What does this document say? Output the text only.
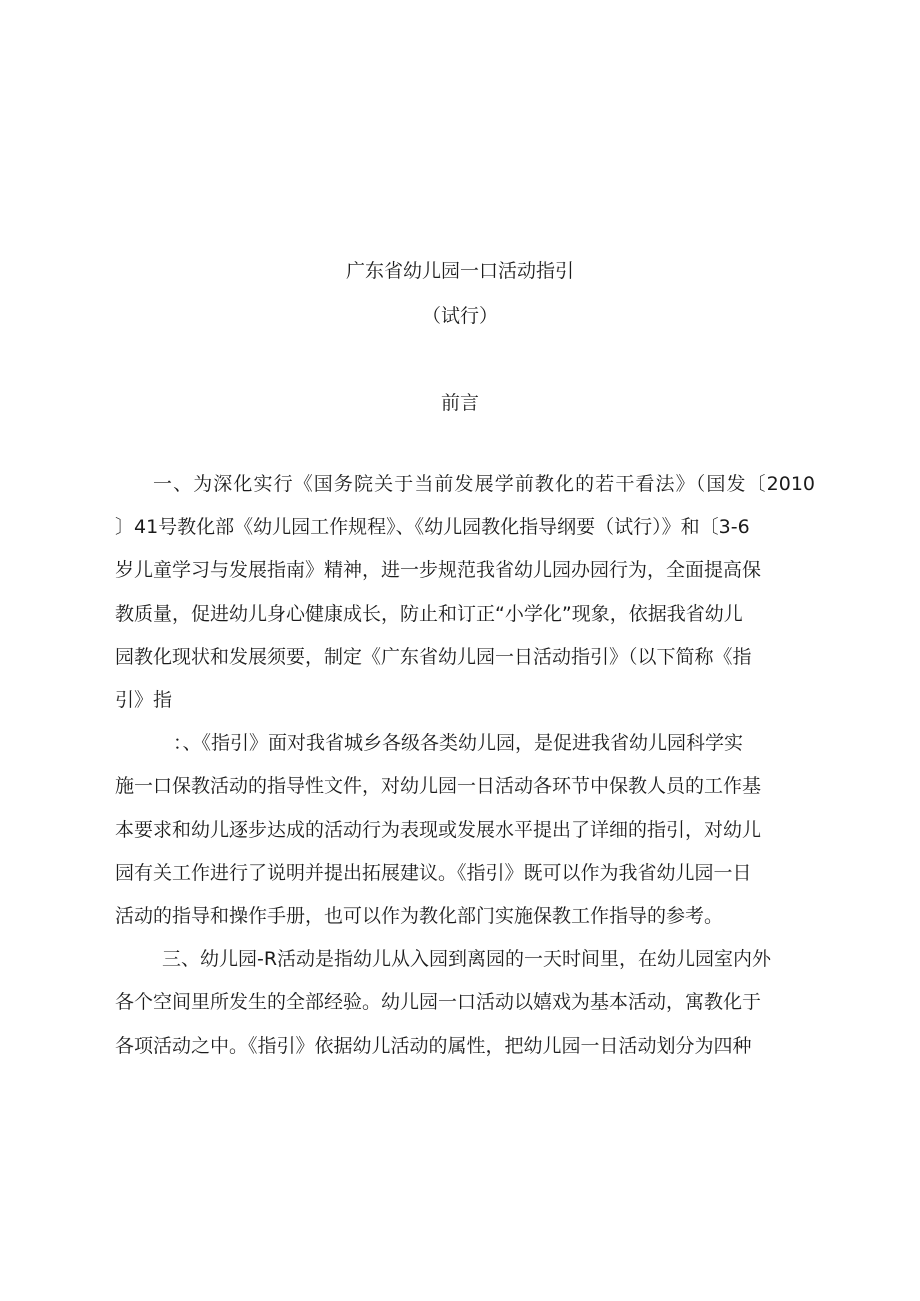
广东省幼儿园一口活动指引
（试行）
前言
一、为深化实行《国务院关于当前发展学前教化的若干看法》（国发〔2010
〕41号教化部《幼儿园工作规程》、《幼儿园教化指导纲要（试行）》和〔3-6
岁儿童学习与发展指南》精神，进一步规范我省幼儿园办园行为，全面提高保
教质量，促进幼儿身心健康成长，防止和订正“小学化”现象，依据我省幼儿
园教化现状和发展须要，制定《广东省幼儿园一日活动指引》（以下简称《指
引》指
：、《指引》面对我省城乡各级各类幼儿园，是促进我省幼儿园科学实
施一口保教活动的指导性文件，对幼儿园一日活动各环节中保教人员的工作基
本要求和幼儿逐步达成的活动行为表现或发展水平提出了详细的指引，对幼儿
园有关工作进行了说明并提出拓展建议。《指引》既可以作为我省幼儿园一日
活动的指导和操作手册，也可以作为教化部门实施保教工作指导的参考。
三、幼儿园-R活动是指幼儿从入园到离园的一天时间里，在幼儿园室内外
各个空间里所发生的全部经验。幼儿园一口活动以嬉戏为基本活动，寓教化于
各项活动之中。《指引》依据幼儿活动的属性，把幼儿园一日活动划分为四种
